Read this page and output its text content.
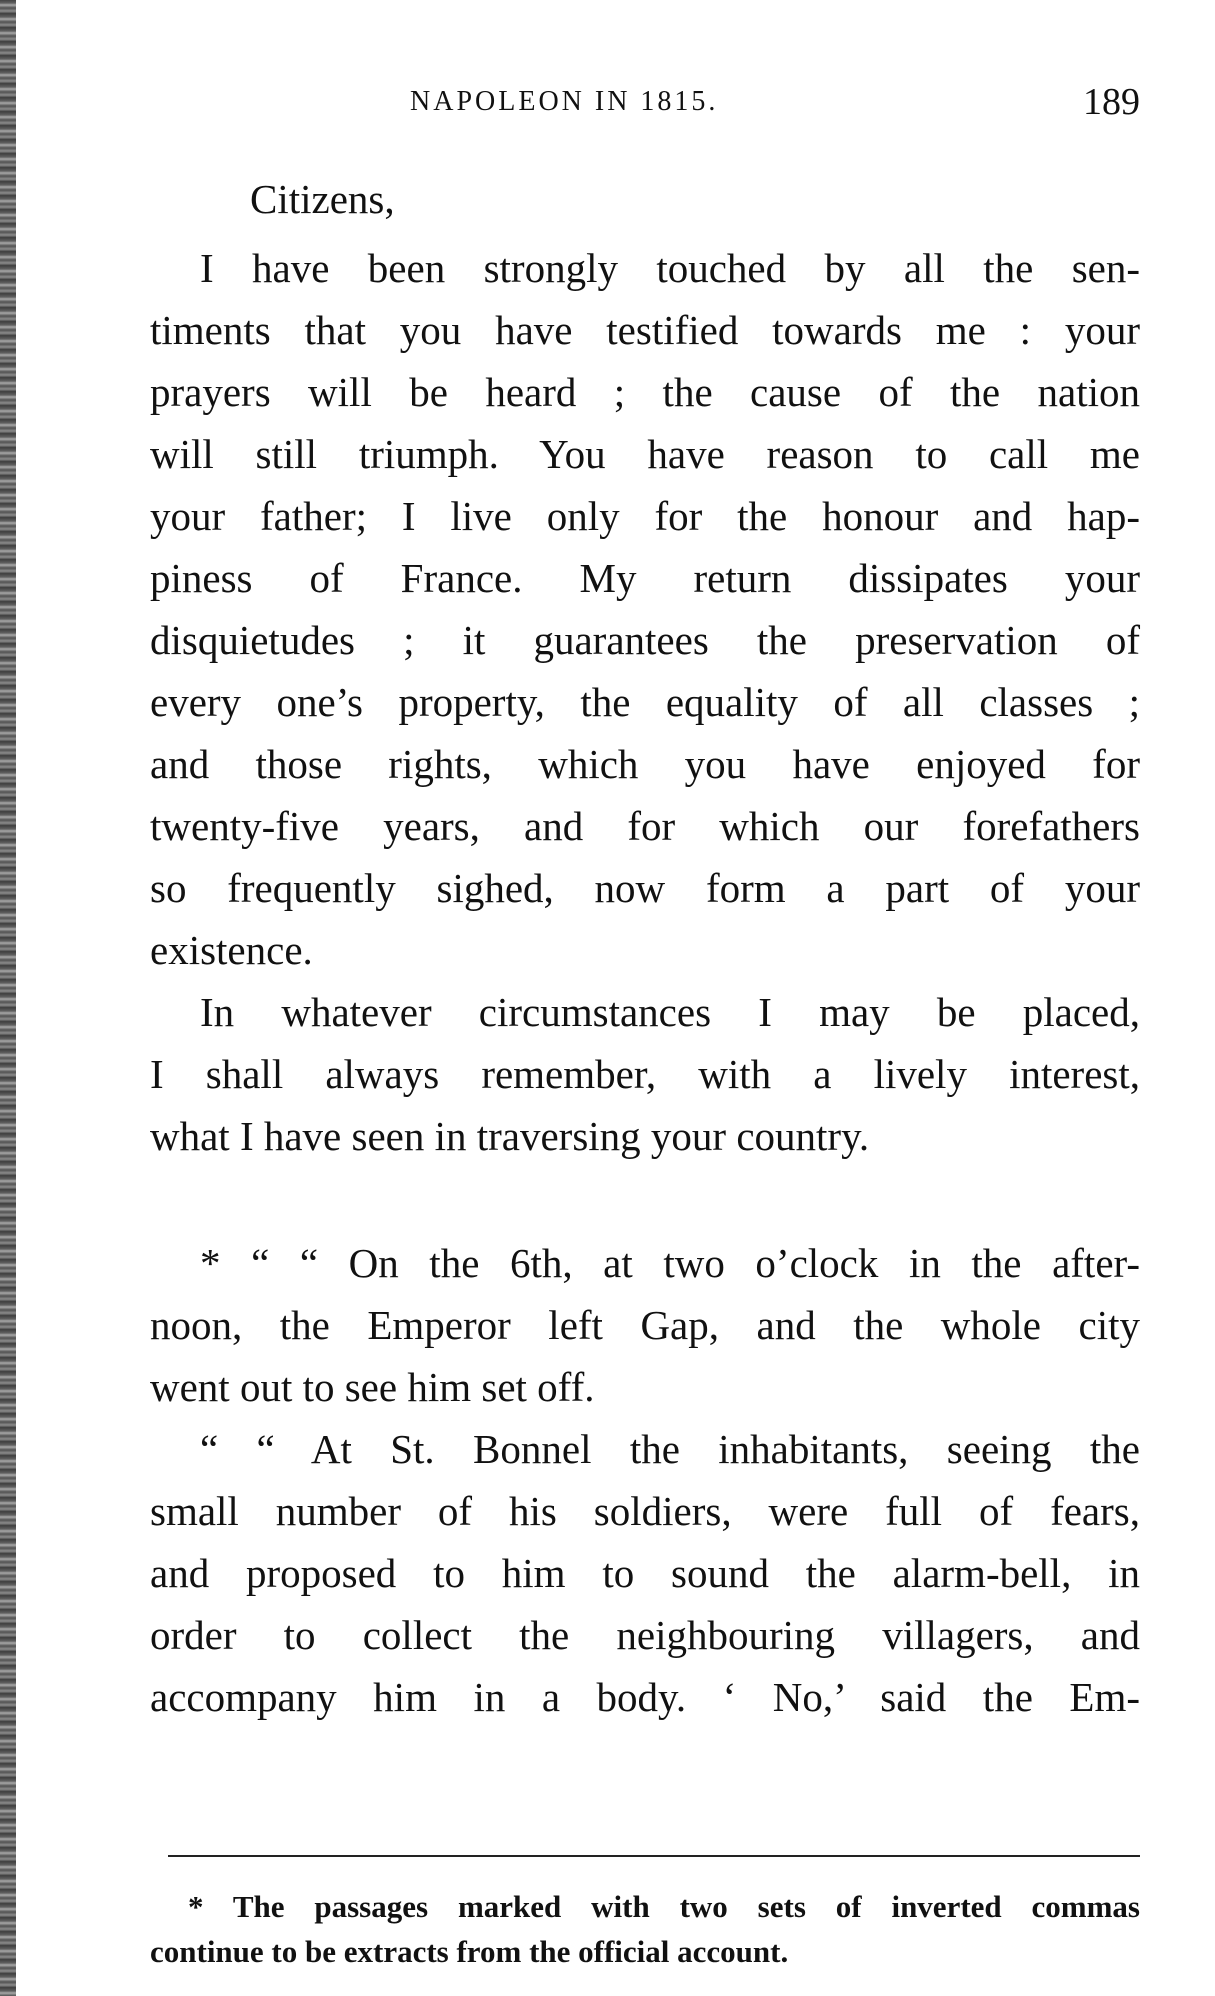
NAPOLEON IN 1815.	189
Citizens,
I have been strongly touched by all the sen-
timents that you have testified towards me : your
prayers will be heard ; the cause of the nation
will still triumph. You have reason to call me
your father; I live only for the honour and hap-
piness of France. My return dissipates your
disquietudes ; it guarantees the preservation of
every one’s property, the equality of all classes ;
and those rights, which you have enjoyed for
twenty-five years, and for which our forefathers
so frequently sighed, now form a part of your
existence.
In whatever circumstances I may be placed,
I shall always remember, with a lively interest,
what I have seen in traversing your country.
* “ “ On the 6th, at two o’clock in the after-
noon, the Emperor left Gap, and the whole city
went out to see him set off.
“ “ At St. Bonnel the inhabitants, seeing the
small number of his soldiers, were full of fears,
and proposed to him to sound the alarm-bell, in
order to collect the neighbouring villagers, and
accompany him in a body. ‘ No,’ said the Em-
* The passages marked with two sets of inverted commas
continue to be extracts from the official account.
